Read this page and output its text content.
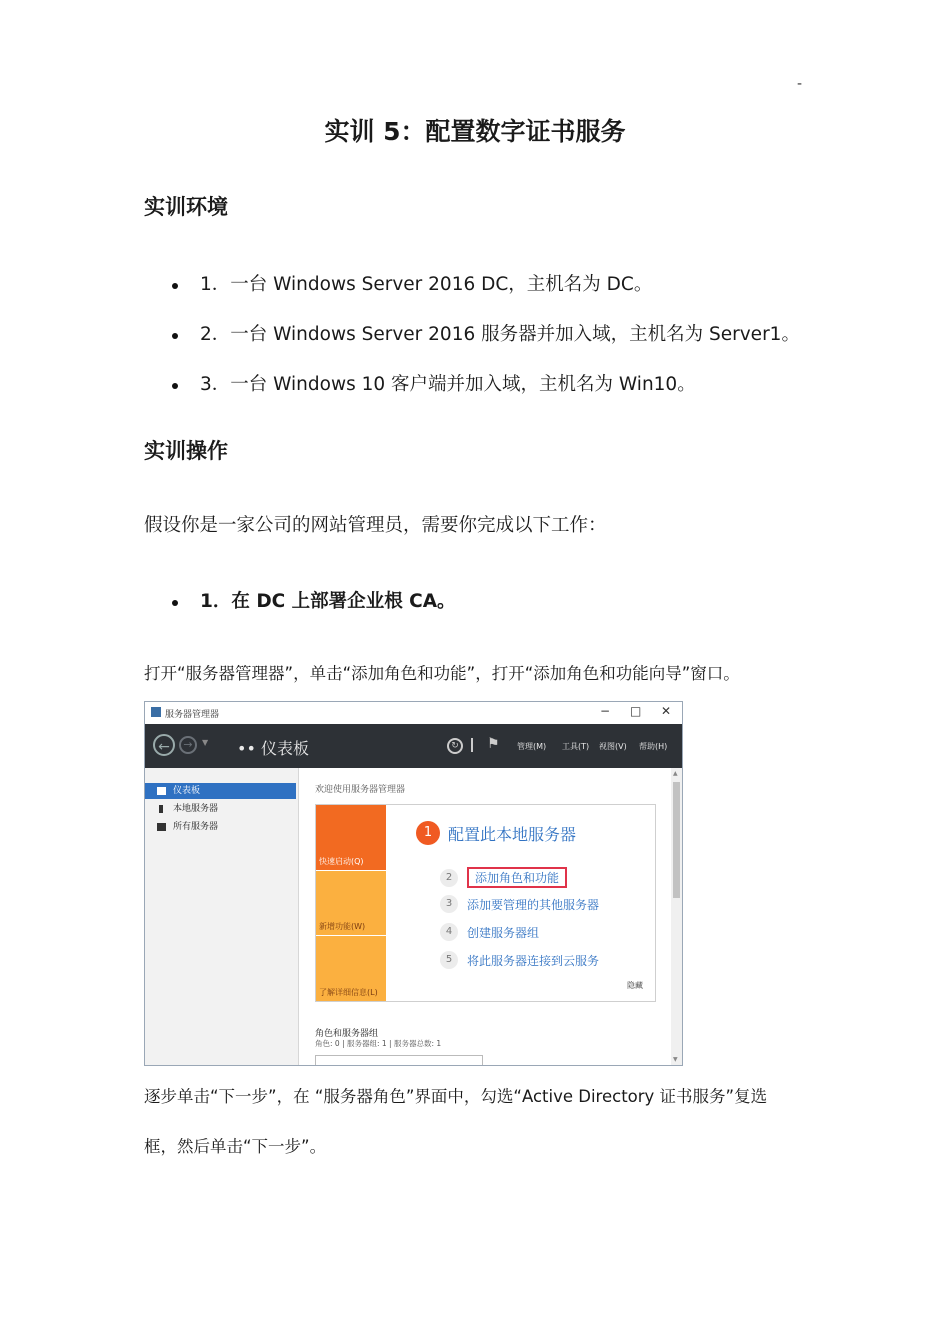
-
实训 5：配置数字证书服务
实训环境
1．一台 Windows Server 2016 DC，主机名为 DC。
2．一台 Windows Server 2016 服务器并加入域，主机名为 Server1。
3．一台 Windows 10 客户端并加入域，主机名为 Win10。
实训操作
假设你是一家公司的网站管理员，需要你完成以下工作：
1．在 DC 上部署企业根 CA。
打开“服务器管理器”，单击“添加角色和功能”，打开“添加角色和功能向导”窗口。
服务器管理器	− □ ✕
←	→	▼ •• 仪表板	↻	⚑ 管理(M) 工具(T) 视图(V) 帮助(H)
仪表板
本地服务器
所有服务器
欢迎使用服务器管理器
快速启动(Q)
新增功能(W)
了解详细信息(L)
1 配置此本地服务器
2	添加角色和功能
3	添加要管理的其他服务器
4	创建服务器组
5	将此服务器连接到云服务
隐藏
角色和服务器组
角色: 0 | 服务器组: 1 | 服务器总数: 1
▲
▼
逐步单击“下一步”，在 “服务器角色”界面中，勾选“Active Directory 证书服务”复选
框，然后单击“下一步”。
